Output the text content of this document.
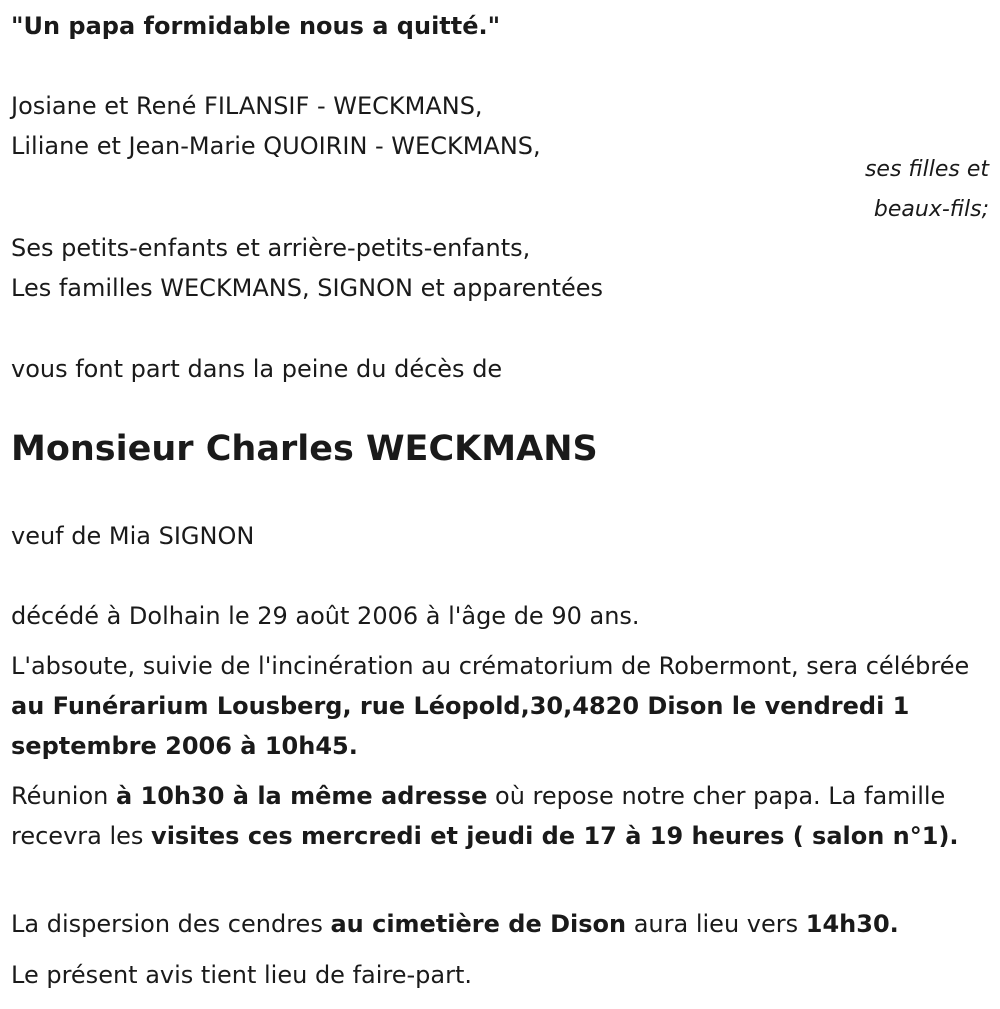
"Un papa formidable nous a quitté."
Josiane et René FILANSIF - WECKMANS,
Liliane et Jean-Marie QUOIRIN - WECKMANS,
ses filles et
beaux-fils;
Ses petits-enfants et arrière-petits-enfants,
Les familles WECKMANS, SIGNON et apparentées
vous font part dans la peine du décès de
Monsieur Charles WECKMANS
veuf de Mia SIGNON
décédé à Dolhain le 29 août 2006 à l'âge de 90 ans.
L'absoute, suivie de l'incinération au crématorium de Robermont, sera célébrée au Funérarium Lousberg, rue Léopold,30,4820 Dison le vendredi 1 septembre 2006 à 10h45.
Réunion à 10h30 à la même adresse où repose notre cher papa. La famille recevra les visites ces mercredi et jeudi de 17 à 19 heures ( salon n°1).
La dispersion des cendres au cimetière de Dison aura lieu vers 14h30.
Le présent avis tient lieu de faire-part.
